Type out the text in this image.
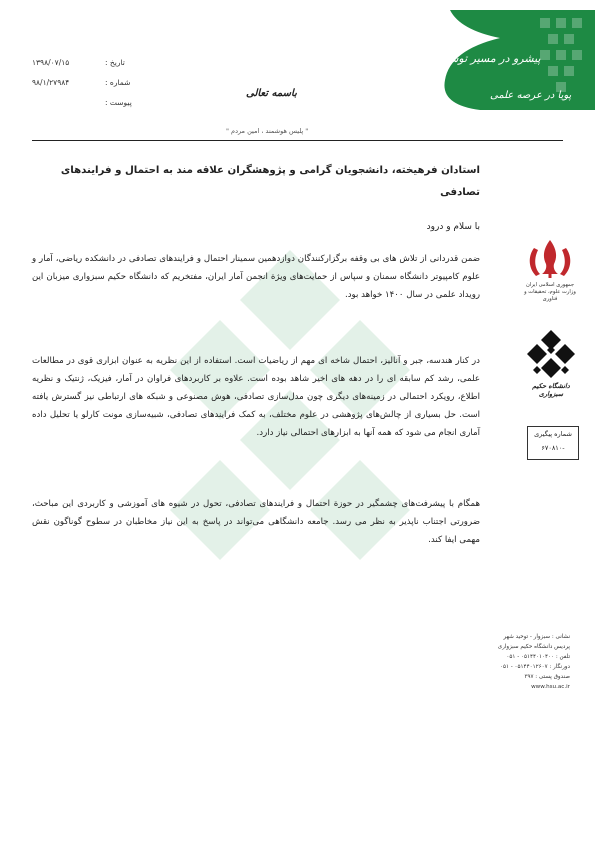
پیشرو در مسیر توسعه
پویا در عرصه علمی
۱۳۹۸/۰۷/۱۵	تاریخ :
۹۸/۱/۲۷۹۸۴	شماره :
پیوست :
باسمه تعالی
" پلیس هوشمند ، امین مردم "
استادان فرهیخته، دانشجویان گرامی و پژوهشگران علاقه مند به احتمال و فرایندهای تصادفی
با سلام و درود
ضمن قدردانی از تلاش های بی وقفه برگزارکنندگان دوازدهمین سمینار احتمال و فرایندهای تصادفی در دانشکده ریاضی، آمار و علوم کامپیوتر دانشگاه سمنان و سپاس از حمایت‌های ویژة انجمن آمار ایران، مفتخریم که دانشگاه حکیم سبزواری میزبان این رویداد علمی در سال ۱۴۰۰ خواهد بود.
در کنار هندسه، جبر و آنالیز، احتمال شاخه ای مهم از ریاضیات است. استفاده از این نظریه به عنوان ابزاری قوی در مطالعات علمی، رشد کم سابقه ای را در دهه های اخیر شاهد بوده است. علاوه بر کاربردهای فراوان در آمار، فیزیک، ژنتیک و نظریه اطلاع، رویکرد احتمالی در زمینه‌های دیگری چون مدل‌سازی تصادفی، هوش مصنوعی و شبکه های ارتباطی نیز گسترش یافته است. حل بسیاری از چالش‌های پژوهشی در علوم مختلف، به کمک فرایندهای تصادفی، شبیه‌سازی مونت کارلو یا تحلیل داده آماری انجام می شود که همه آنها به ابزارهای احتمالی نیاز دارد.
همگام با پیشرفت‌های چشمگیر در حوزة احتمال و فرایندهای تصادفی، تحول در شیوه های آموزشی و کاربردی این مباحث، ضرورتی اجتناب ناپذیر به نظر می رسد. جامعه دانشگاهی می‌تواند در پاسخ به این نیاز مخاطبان در سطوح گوناگون نقش مهمی ایفا کند.
جمهوری اسلامی ایران
وزارت علوم، تحقیقات و فناوری
دانشگاه حکیم سبزواری
شماره پیگیری
۶۷۰۸۱۰-
نشانی : سبزوار - توحید شهر
پردیس دانشگاه حکیم سبزواری
تلفن : ۰۵۱۴۴۰۱۰۴۰۰ - ۰۵۱
دورنگار : ۰۵۱۴۴۰۱۲۶۰۷ - ۰۵۱
صندوق پستی : ۳۹۷
www.hsu.ac.ir
